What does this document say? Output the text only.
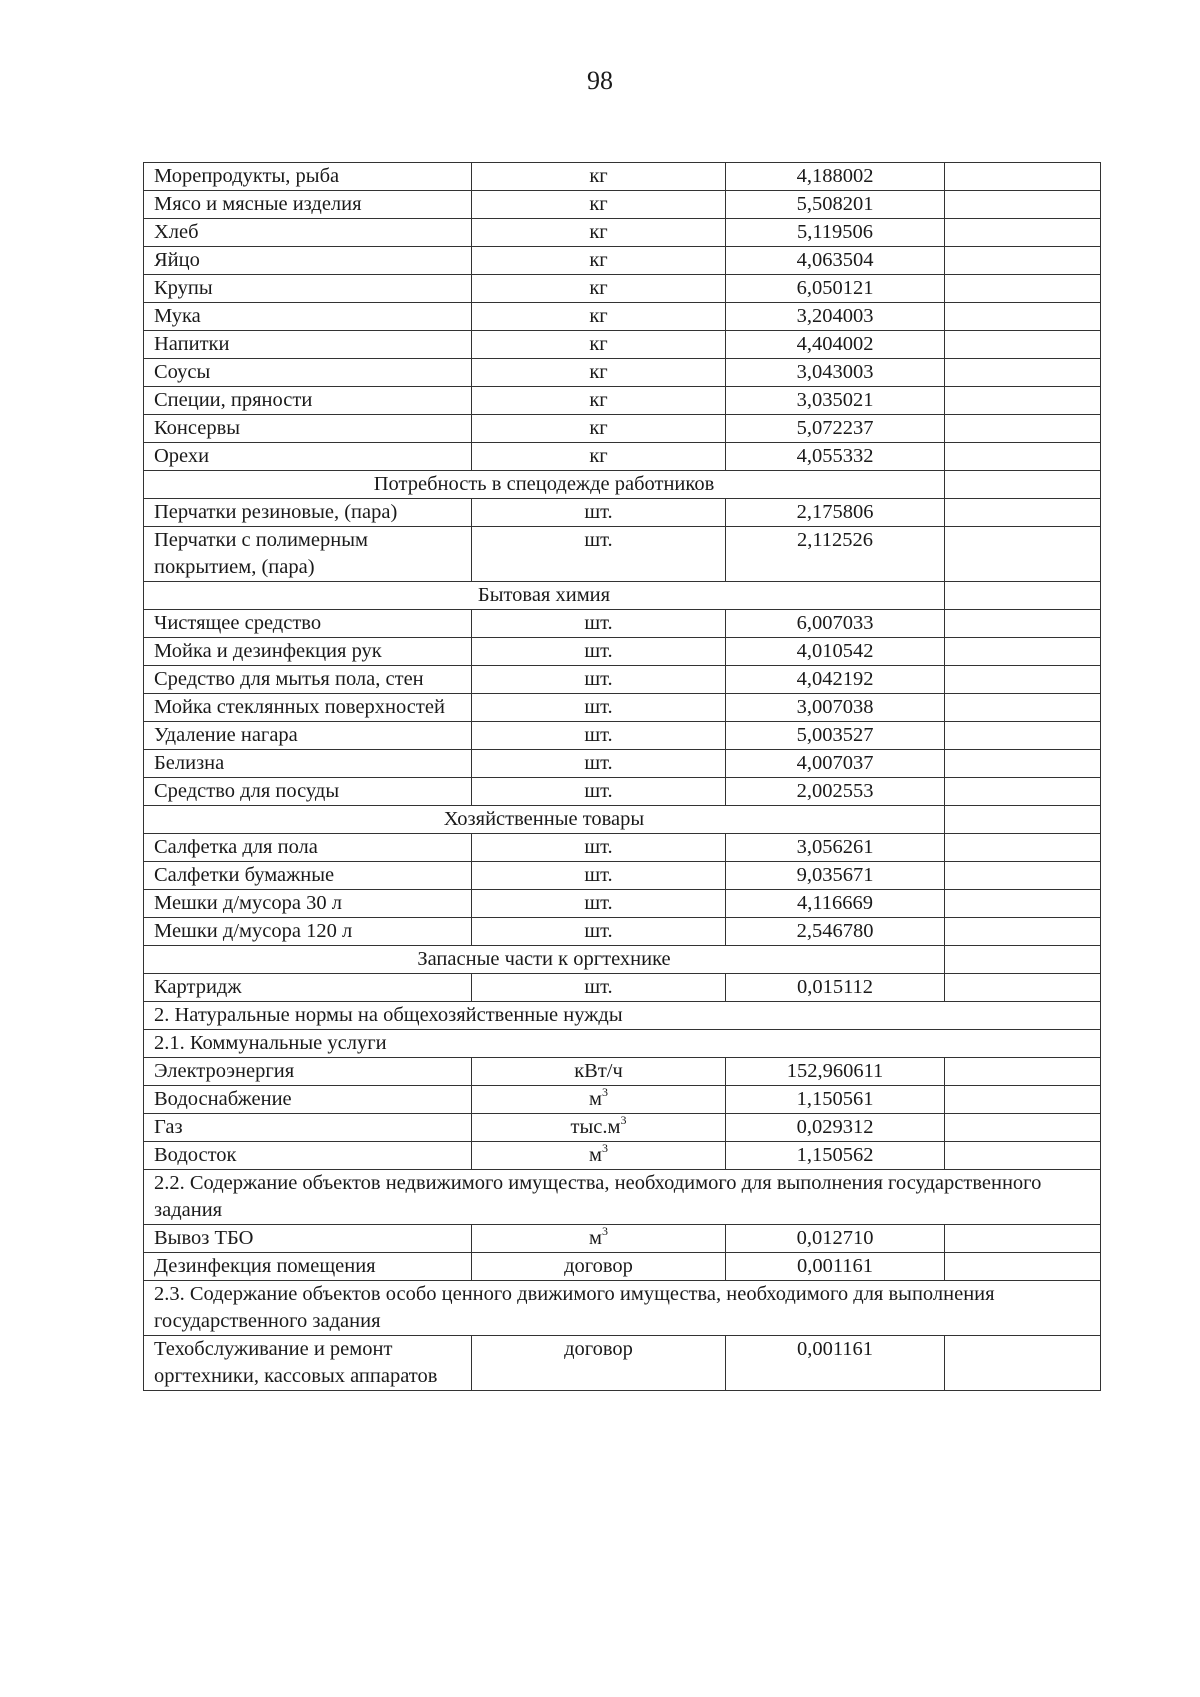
98
Морепродукты, рыба	кг	4,188002	
Мясо и мясные изделия	кг	5,508201	
Хлеб	кг	5,119506	
Яйцо	кг	4,063504	
Крупы	кг	6,050121	
Мука	кг	3,204003	
Напитки	кг	4,404002	
Соусы	кг	3,043003	
Специи, пряности	кг	3,035021	
Консервы	кг	5,072237	
Орехи	кг	4,055332	
Потребность в спецодежде работников			
Перчатки резиновые, (пара)	шт.	2,175806	
Перчатки с полимерным покрытием, (пара)	шт.	2,112526	
Бытовая химия			
Чистящее средство	шт.	6,007033	
Мойка и дезинфекция рук	шт.	4,010542	
Средство для мытья пола, стен	шт.	4,042192	
Мойка стеклянных поверхностей	шт.	3,007038	
Удаление нагара	шт.	5,003527	
Белизна	шт.	4,007037	
Средство для посуды	шт.	2,002553	
Хозяйственные товары			
Салфетка для пола	шт.	3,056261	
Салфетки бумажные	шт.	9,035671	
Мешки д/мусора 30 л	шт.	4,116669	
Мешки д/мусора 120 л	шт.	2,546780	
Запасные части к оргтехнике			
Картридж	шт.	0,015112	
2. Натуральные нормы на общехозяйственные нужды			
2.1. Коммунальные услуги			
Электроэнергия	кВт/ч	152,960611	
Водоснабжение	$м^3$	1,150561	
Газ	$тыс.м^3$	0,029312	
Водосток	$м^3$	1,150562	
2.2. Содержание объектов недвижимого имущества, необходимого для выполнения государственного задания			
Вывоз ТБО	$м^3$	0,012710	
Дезинфекция помещения	договор	0,001161	
2.3. Содержание объектов особо ценного движимого имущества, необходимого для выполнения государственного задания			
Техобслуживание и ремонт оргтехники, кассовых аппаратов	договор	0,001161	
